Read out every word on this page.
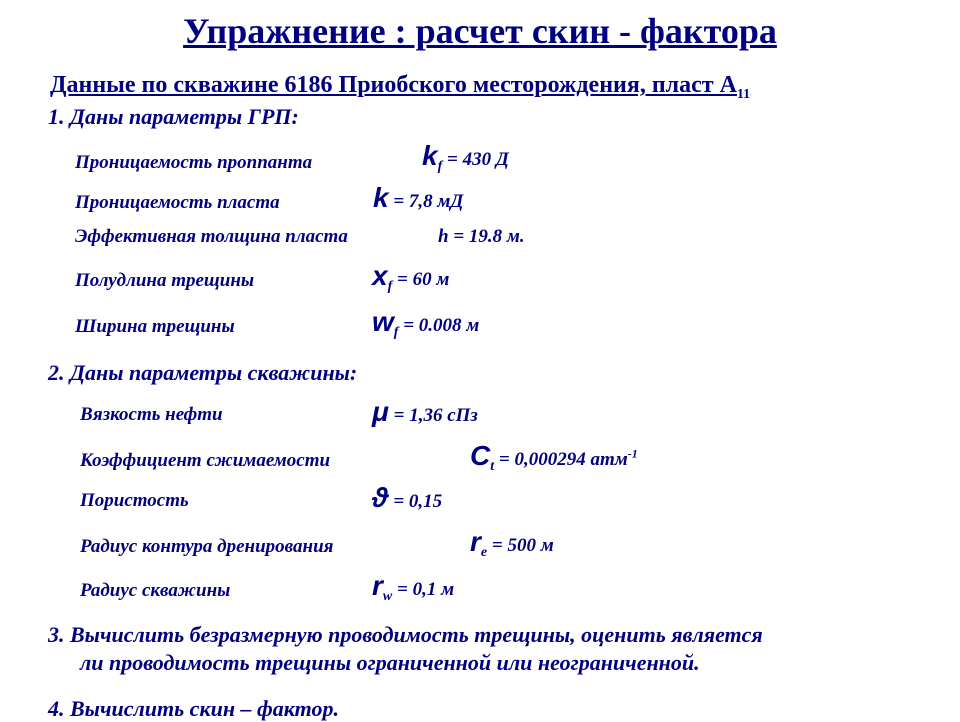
Упражнение : расчет скин - фактора
Данные по скважине 6186 Приобского месторождения, пласт $А_{11}$
1. Даны параметры ГРП:
Проницаемость проппанта	$k_f = 430$ Д
Проницаемость пласта	k = 7,8 мД
Эффективная толщина пласта	h = 19.8 м.
Полудлина трещины	$x_f = 60$ м
Ширина трещины	$w_f = 0.008$ м
2. Даны параметры скважины:
Вязкость нефти	μ = 1,36 сПз
Коэффициент сжимаемости	$C_t = 0,000294$ атм$^{-1}$
Пористость	ϑ = 0,15
Радиус контура дренирования	$r_e = 500$ м
Радиус скважины	$r_w = 0,1$ м
3. Вычислить безразмерную проводимость трещины, оценить является
ли проводимость трещины ограниченной или неограниченной.
4. Вычислить скин – фактор.
